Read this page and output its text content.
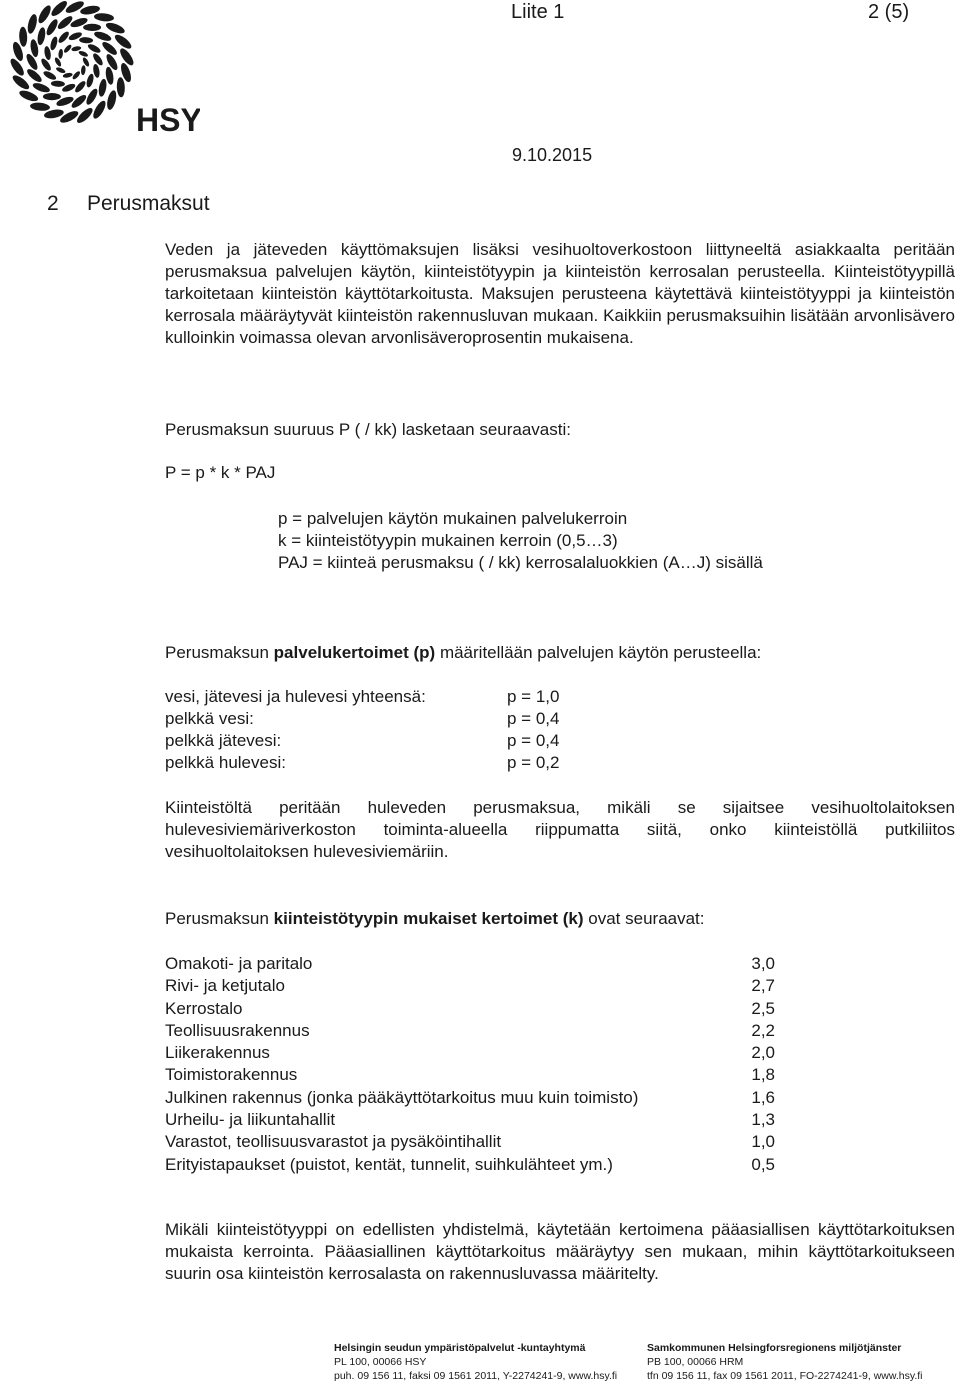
HSY
Liite 1	2 (5)
9.10.2015
2 Perusmaksut

Veden ja jäteveden käyttömaksujen lisäksi vesihuoltoverkostoon liittyneeltä asiakkaalta peritään perusmaksua palvelujen käytön, kiinteistötyypin ja kiinteistön kerrosalan perusteella. Kiinteistötyypillä tarkoitetaan kiinteistön käyttötarkoitusta. Maksujen perusteena käytettävä kiinteistötyyppi ja kiinteistön kerrosala määräytyvät kiinteistön rakennusluvan mukaan. Kaikkiin perusmaksuihin lisätään arvonlisävero kulloinkin voimassa olevan arvonlisäveroprosentin mukaisena.

Perusmaksun suuruus P ( / kk) lasketaan seuraavasti:

P = p * k * PAJ
p = palvelujen käytön mukainen palvelukerroin
k = kiinteistötyypin mukainen kerroin (0,5…3)
PAJ = kiinteä perusmaksu ( / kk) kerrosalaluokkien (A…J) sisällä

Perusmaksun palvelukertoimet (p) määritellään palvelujen käytön perusteella:

vesi, jätevesi ja hulevesi yhteensä:	p = 1,0
pelkkä vesi:	p = 0,4
pelkkä jätevesi:	p = 0,4
pelkkä hulevesi:	p = 0,2

Kiinteistöltä peritään huleveden perusmaksua, mikäli se sijaitsee vesihuoltolaitoksen hulevesiviemäriverkoston toiminta-alueella riippumatta siitä, onko kiinteistöllä putkiliitos vesihuoltolaitoksen hulevesiviemäriin.

Perusmaksun kiinteistötyypin mukaiset kertoimet (k) ovat seuraavat:

Omakoti- ja paritalo	3,0
Rivi- ja ketjutalo	2,7
Kerrostalo	2,5
Teollisuusrakennus	2,2
Liikerakennus	2,0
Toimistorakennus	1,8
Julkinen rakennus (jonka pääkäyttötarkoitus muu kuin toimisto)	1,6
Urheilu- ja liikuntahallit	1,3
Varastot, teollisuusvarastot ja pysäköintihallit	1,0
Erityistapaukset (puistot, kentät, tunnelit, suihkulähteet ym.)	0,5

Mikäli kiinteistötyyppi on edellisten yhdistelmä, käytetään kertoimena pääasiallisen käyttötarkoituksen mukaista kerrointa. Pääasiallinen käyttötarkoitus määräytyy sen mukaan, mihin käyttötarkoitukseen suurin osa kiinteistön kerrosalasta on rakennusluvassa määritelty.

Helsingin seudun ympäristöpalvelut -kuntayhtymä
PL 100, 00066 HSY
puh. 09 156 11, faksi 09 1561 2011, Y-2274241-9, www.hsy.fi
Samkommunen Helsingforsregionens miljötjänster
PB 100, 00066 HRM
tfn 09 156 11, fax 09 1561 2011, FO-2274241-9, www.hsy.fi
